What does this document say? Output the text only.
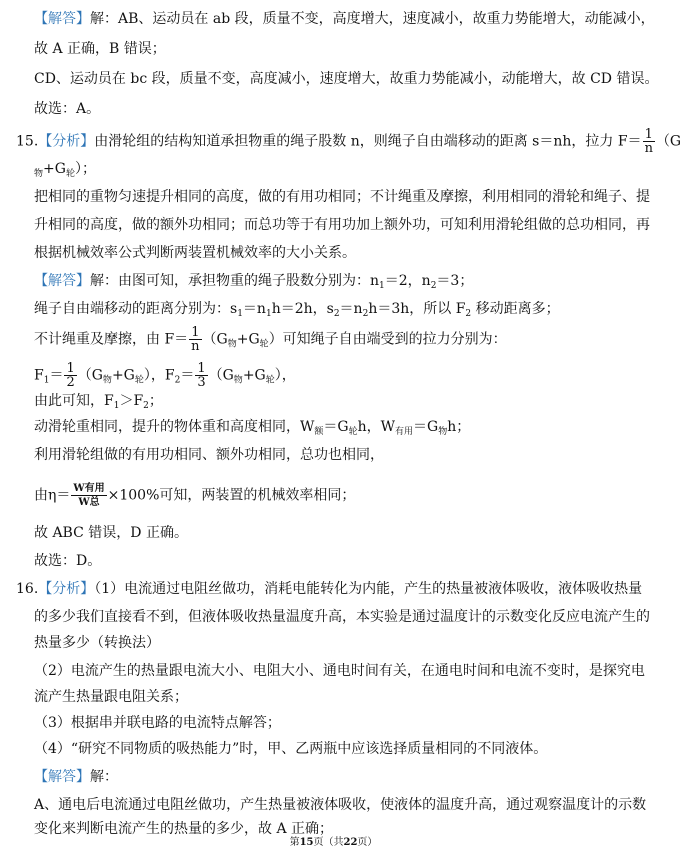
【解答】解：AB、运动员在 ab 段，质量不变，高度增大，速度减小，故重力势能增大，动能减小，
故 A 正确，B 错误；
CD、运动员在 bc 段，质量不变，高度减小，速度增大，故重力势能减小，动能增大，故 CD 错误。
故选：A。
15.【分析】由滑轮组的结构知道承担物重的绳子股数 n，则绳子自由端移动的距离 s＝nh，拉力 $F= \frac{1}{n} (G$
$_物+G_轮$）；
把相同的重物匀速提升相同的高度，做的有用功相同；不计绳重及摩擦，利用相同的滑轮和绳子、提
升相同的高度，做的额外功相同；而总功等于有用功加上额外功，可知利用滑轮组做的总功相同，再
根据机械效率公式判断两装置机械效率的大小关系。
【解答】解：由图可知，承担物重的绳子股数分别为：$n_1=2$，$n_2=3$；
绳子自由端移动的距离分别为：$s_1=n_1h=2h$，$s_2=n_2h=3h$，所以 $F_2$ 移动距离多；
不计绳重及摩擦，由 $F= \frac{1}{n} (G_物+G_轮)$可知绳子自由端受到的拉力分别为：
$F_1= \frac{1}{2} (G_物+G_轮)$，$F_2= \frac{1}{3} (G_物+G_轮)$，
由此可知，$F_1>F_2$；
动滑轮重相同，提升的物体重和高度相同，$W_额=G_轮h$，$W_{有用}=G_物h$；
利用滑轮组做的有用功相同、额外功相同，总功也相同，
由$\eta= \frac{\text{W有用}}{\text{W总}} \times 100\%$可知，两装置的机械效率相同；
故 ABC 错误，D 正确。
故选：D。
16.【分析】（1）电流通过电阻丝做功，消耗电能转化为内能，产生的热量被液体吸收，液体吸收热量
的多少我们直接看不到，但液体吸收热量温度升高，本实验是通过温度计的示数变化反应电流产生的
热量多少（转换法）
（2）电流产生的热量跟电流大小、电阻大小、通电时间有关，在通电时间和电流不变时，是探究电
流产生热量跟电阻关系；
（3）根据串并联电路的电流特点解答；
（4）“研究不同物质的吸热能力”时，甲、乙两瓶中应该选择质量相同的不同液体。
【解答】解：
A、通电后电流通过电阻丝做功，产生热量被液体吸收，使液体的温度升高，通过观察温度计的示数
变化来判断电流产生的热量的多少，故 A 正确；
第15页（共22页）
